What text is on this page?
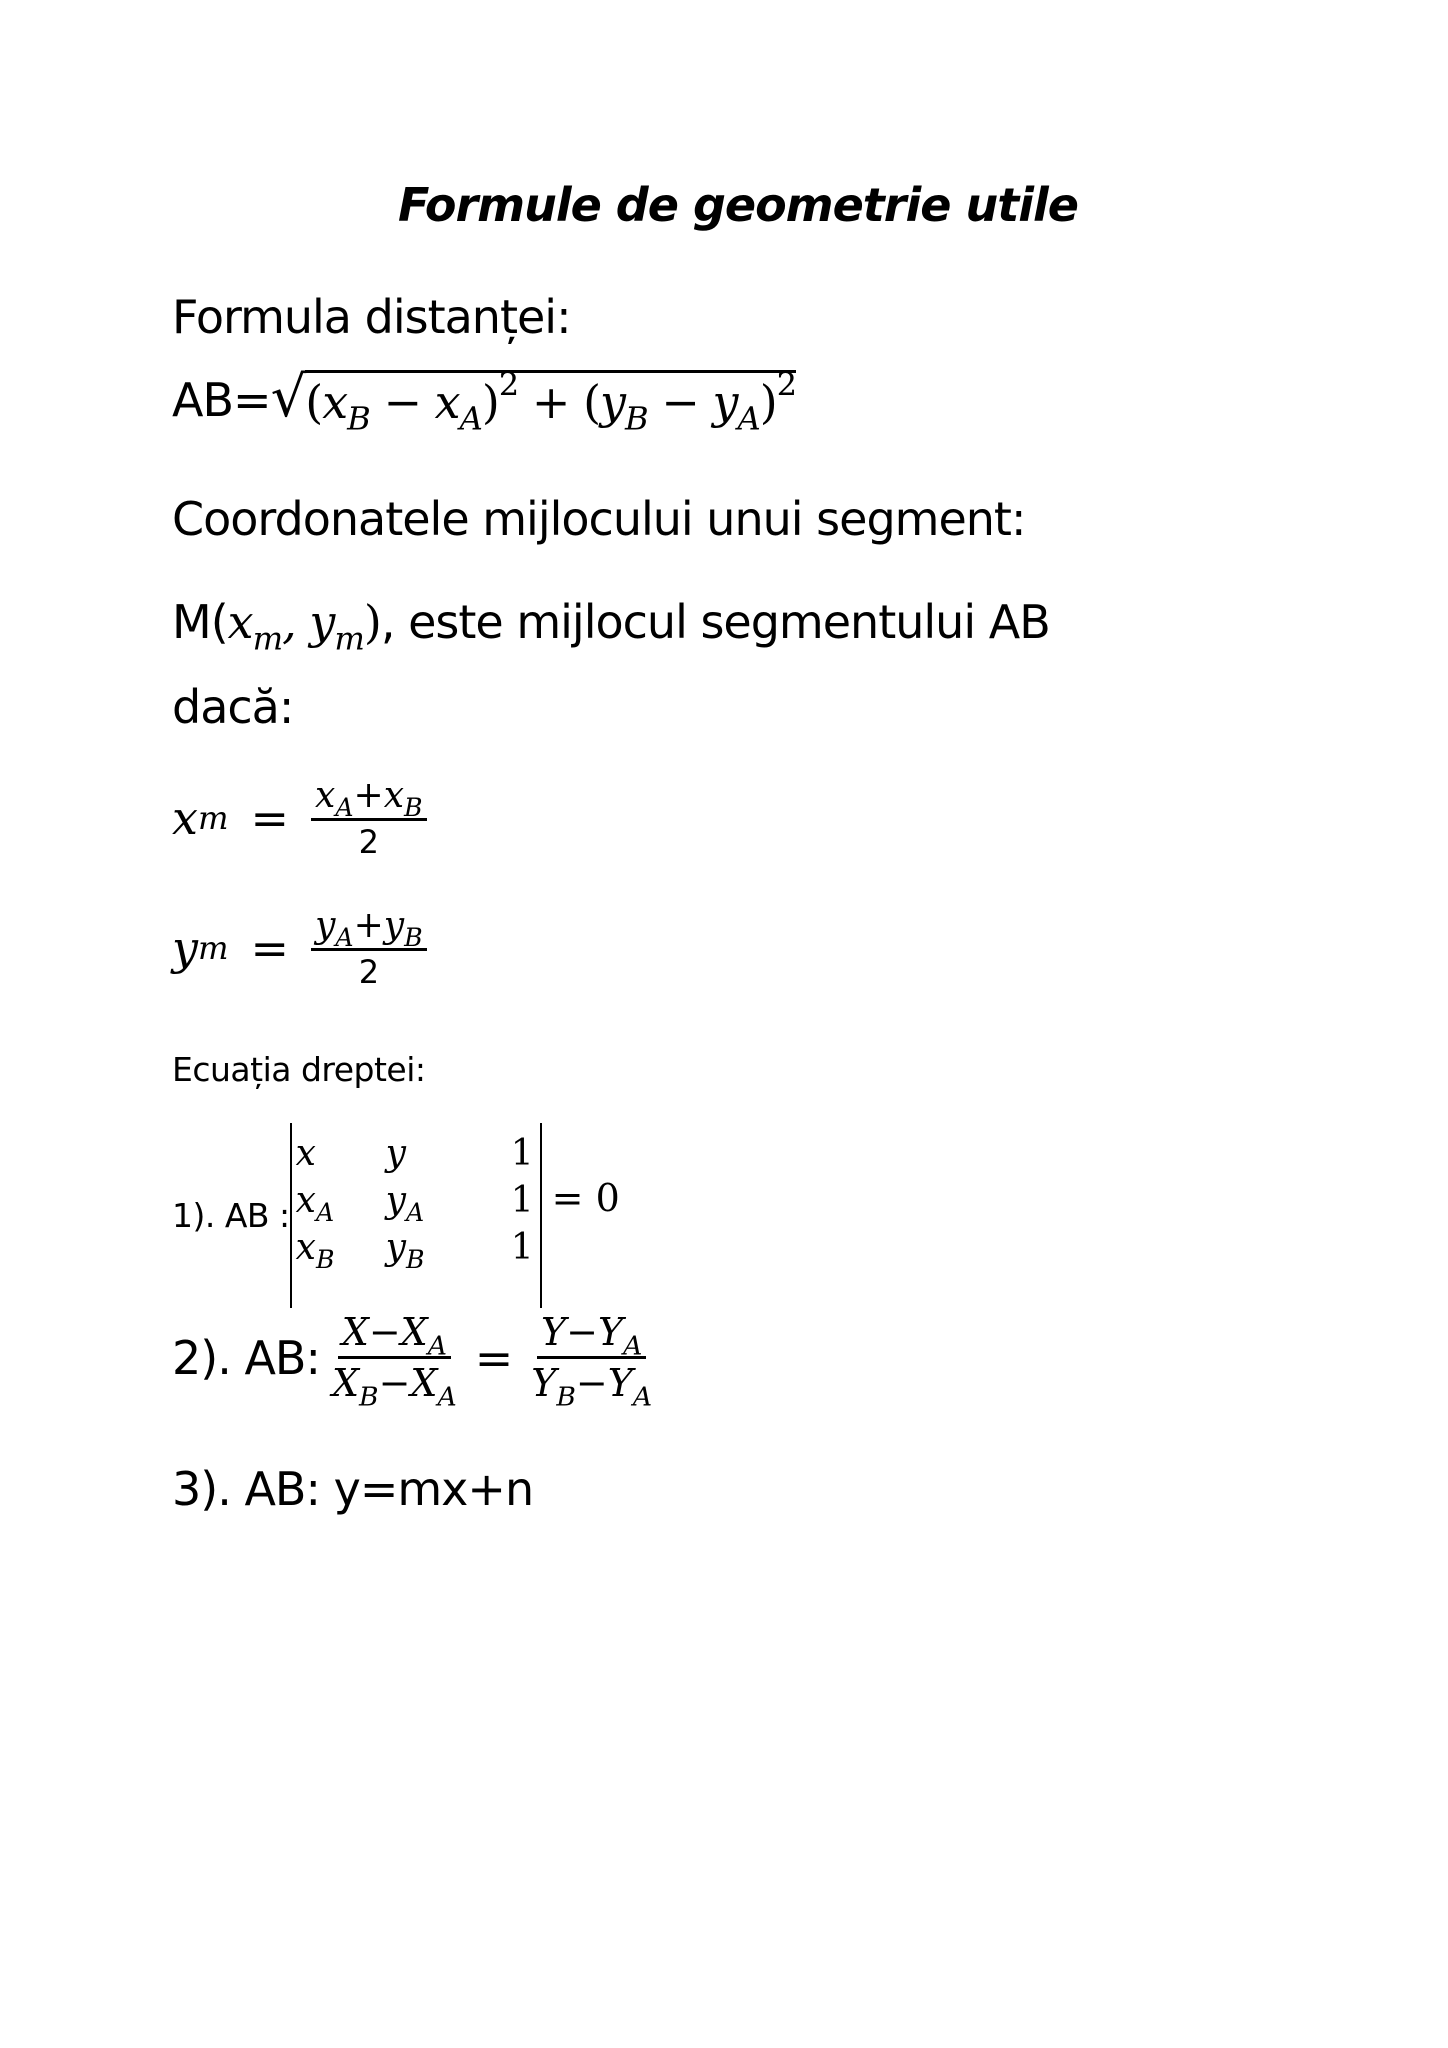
Formule de geometrie utile
Formula distanței:
AB= √ $(x_B - x_A)^2 + (y_B - y_A)^2$
Coordonatele mijlocului unui segment:
$M(x_m$, $y_m$), este mijlocul segmentului AB
dacă:
x $m = \frac{x_A+x_B}{2}$
y $m = \frac{y_A+y_B}{2}$
Ecuația dreptei:
1). AB :
x	y	1
$x_A$	$y_A$	1
$x_B$	$y_B$	1
= 0
2). AB: $\frac{X-X_A}{X_B-X_A} = \frac{Y-Y_A}{Y_B-Y_A}$
3). AB: y=mx+n
